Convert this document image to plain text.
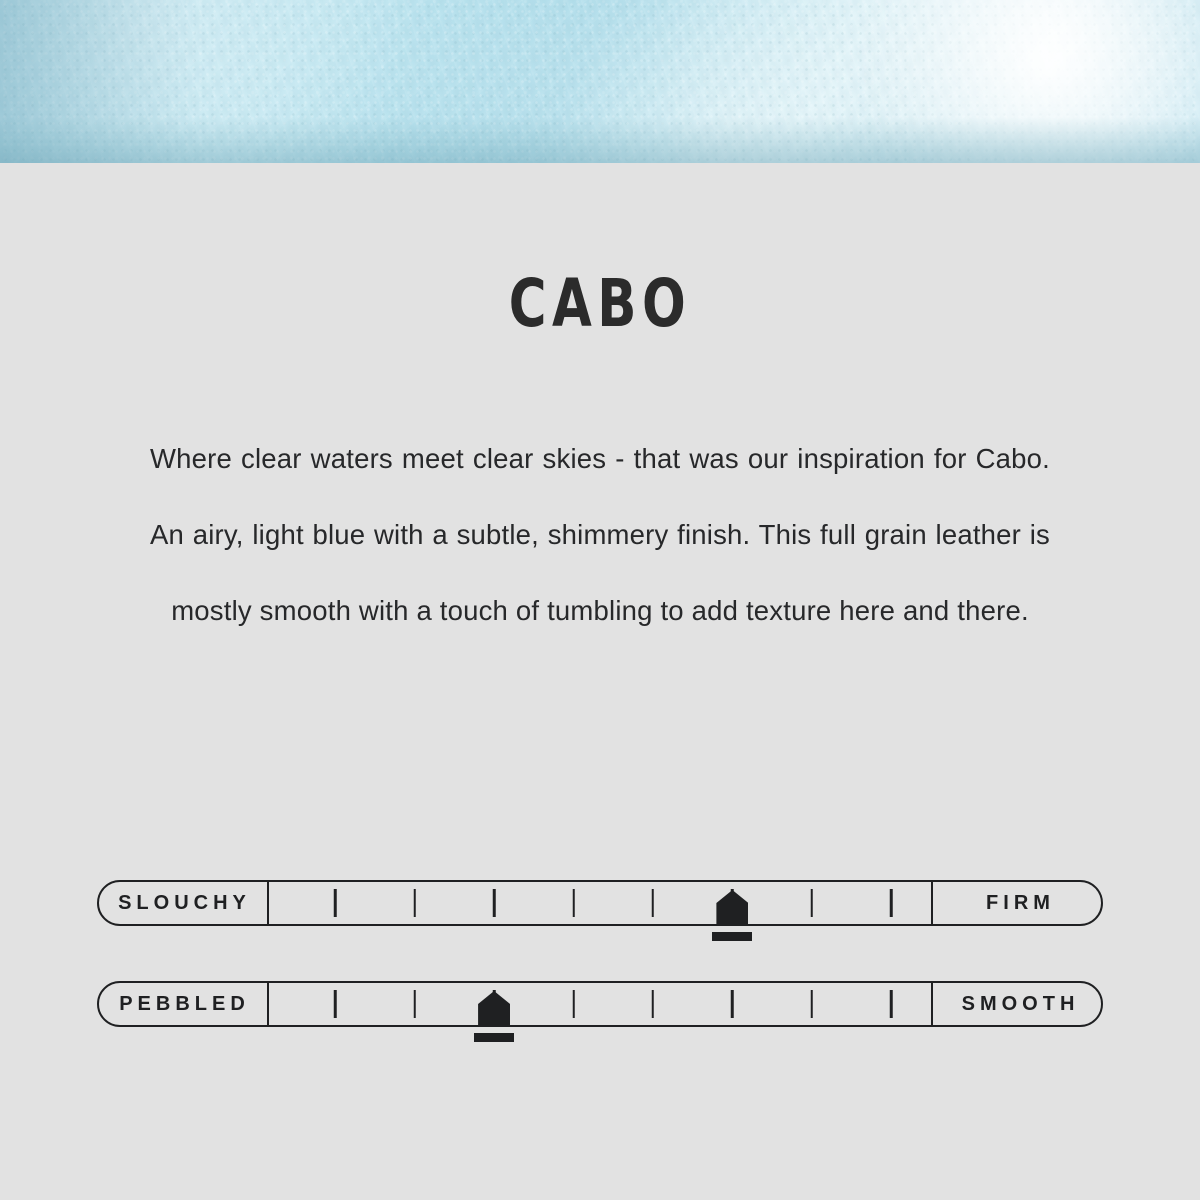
CABO

Where clear waters meet clear skies - that was our inspiration for Cabo. An airy, light blue with a subtle, shimmery finish. This full grain leather is mostly smooth with a touch of tumbling to add texture here and there.

SLOUCHY	FIRM
PEBBLED	SMOOTH
